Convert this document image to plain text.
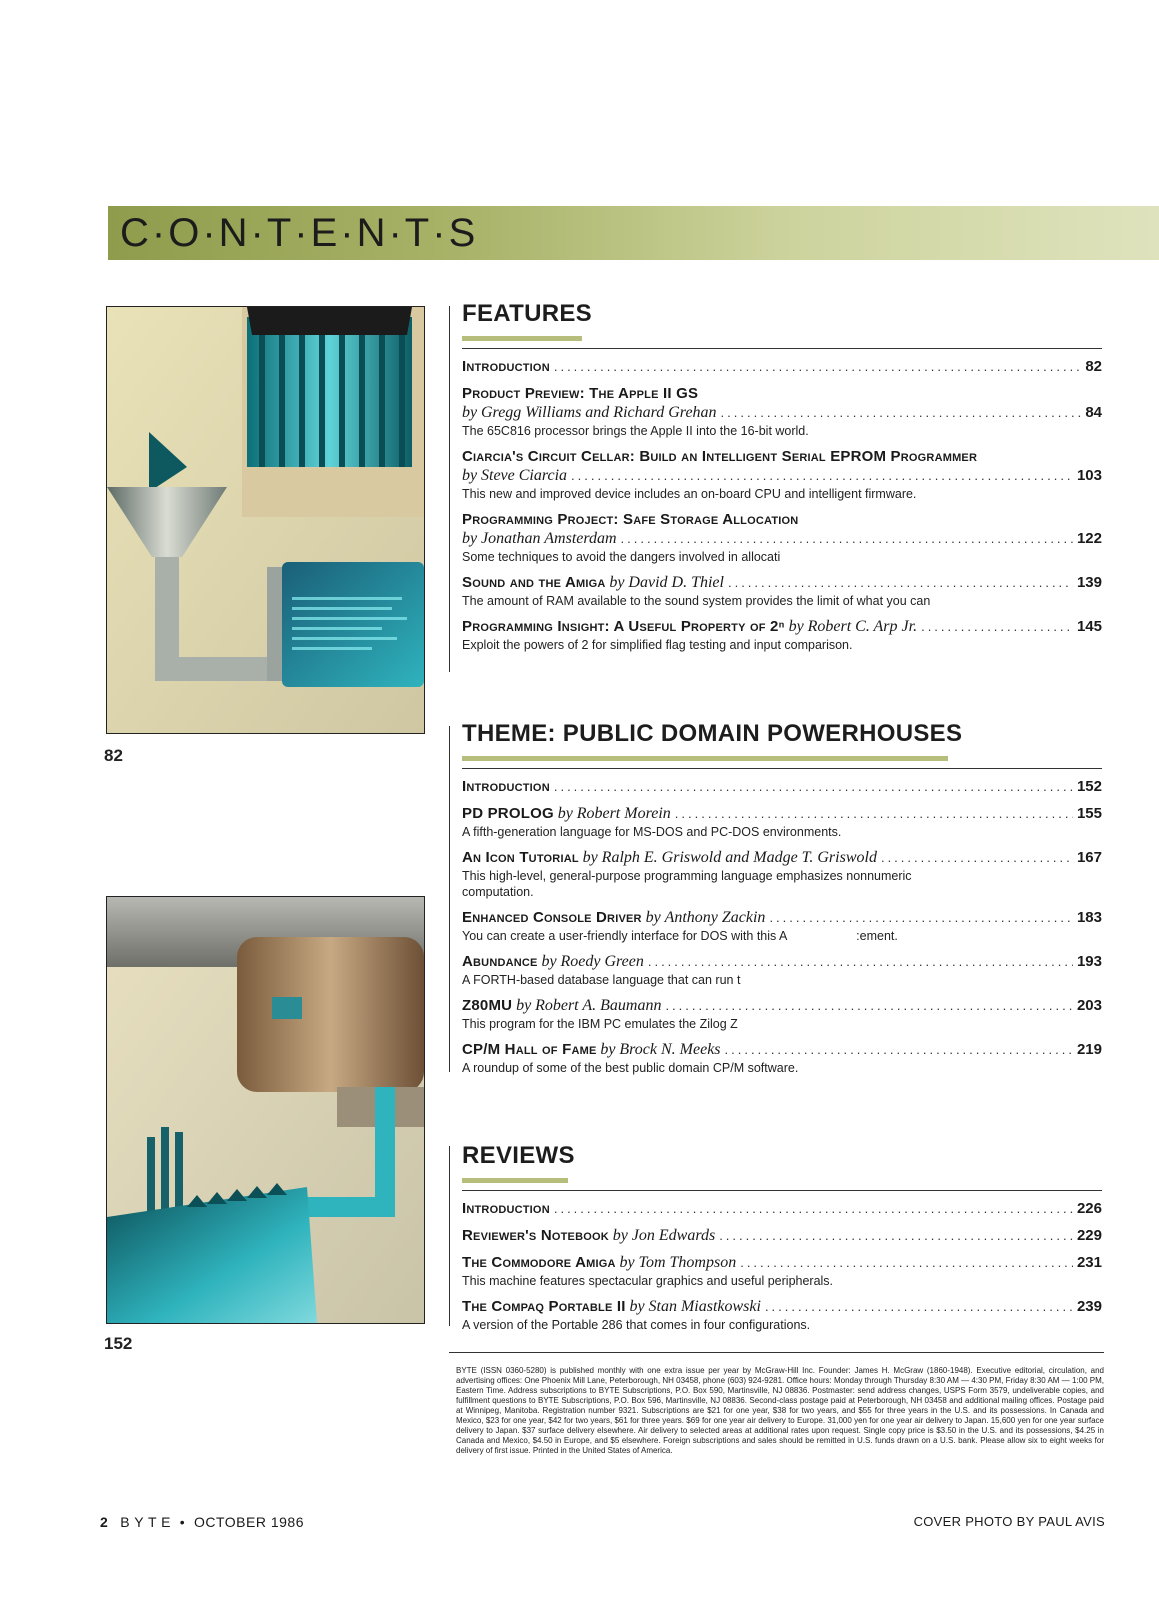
C·O·N·T·E·N·T·S
82
152
FEATURES
Introduction .....	82
Product Preview: The Apple II GS
by Gregg Williams and Richard Grehan .....	84
The 65C816 processor brings the Apple II into the 16-bit world.
Ciarcia's Circuit Cellar: Build an Intelligent Serial EPROM Programmer
by Steve Ciarcia .....	103
This new and improved device includes an on-board CPU and intelligent firmware.
Programming Project: Safe Storage Allocation
by Jonathan Amsterdam .....	122
Some techniques to avoid the dangers involved in allocati
Sound and the Amiga by David D. Thiel .....	139
The amount of RAM available to the sound system provides the limit of what you can
Programming Insight: A Useful Property of 2ⁿ by Robert C. Arp Jr. .....	145
Exploit the powers of 2 for simplified flag testing and input comparison.
THEME: PUBLIC DOMAIN POWERHOUSES
Introduction .....	152
PD PROLOG by Robert Morein .....	155
A fifth-generation language for MS-DOS and PC-DOS environments.
An Icon Tutorial by Ralph E. Griswold and Madge T. Griswold .....	167
This high-level, general-purpose programming language emphasizes nonnumeric computation.
Enhanced Console Driver by Anthony Zackin .....	183
You can create a user-friendly interface for DOS with this A                    :ement.
Abundance by Roedy Green .....	193
A FORTH-based database language that can run t
Z80MU by Robert A. Baumann .....	203
This program for the IBM PC emulates the Zilog Z
CP/M Hall of Fame by Brock N. Meeks .....	219
A roundup of some of the best public domain CP/M software.
REVIEWS
Introduction .....	226
Reviewer's Notebook by Jon Edwards .....	229
The Commodore Amiga by Tom Thompson .....	231
This machine features spectacular graphics and useful peripherals.
The Compaq Portable II by Stan Miastkowski .....	239
A version of the Portable 286 that comes in four configurations.
BYTE (ISSN 0360-5280) is published monthly with one extra issue per year by McGraw-Hill Inc. Founder: James H. McGraw (1860-1948). Executive editorial, circulation, and advertising offices: One Phoenix Mill Lane, Peterborough, NH 03458, phone (603) 924-9281. Office hours: Monday through Thursday 8:30 AM — 4:30 PM, Friday 8:30 AM — 1:00 PM, Eastern Time. Address subscriptions to BYTE Subscriptions, P.O. Box 590, Martinsville, NJ 08836. Postmaster: send address changes, USPS Form 3579, undeliverable copies, and fulfillment questions to BYTE Subscriptions, P.O. Box 596, Martinsville, NJ 08836. Second-class postage paid at Peterborough, NH 03458 and additional mailing offices. Postage paid at Winnipeg, Manitoba. Registration number 9321. Subscriptions are $21 for one year, $38 for two years, and $55 for three years in the U.S. and its possessions. In Canada and Mexico, $23 for one year, $42 for two years, $61 for three years. $69 for one year air delivery to Europe. 31,000 yen for one year air delivery to Japan. 15,600 yen for one year surface delivery to Japan. $37 surface delivery elsewhere. Air delivery to selected areas at additional rates upon request. Single copy price is $3.50 in the U.S. and its possessions, $4.25 in Canada and Mexico, $4.50 in Europe, and $5 elsewhere. Foreign subscriptions and sales should be remitted in U.S. funds drawn on a U.S. bank. Please allow six to eight weeks for delivery of first issue. Printed in the United States of America.
2 B Y T E  •  OCTOBER 1986	COVER PHOTO BY PAUL AVIS
